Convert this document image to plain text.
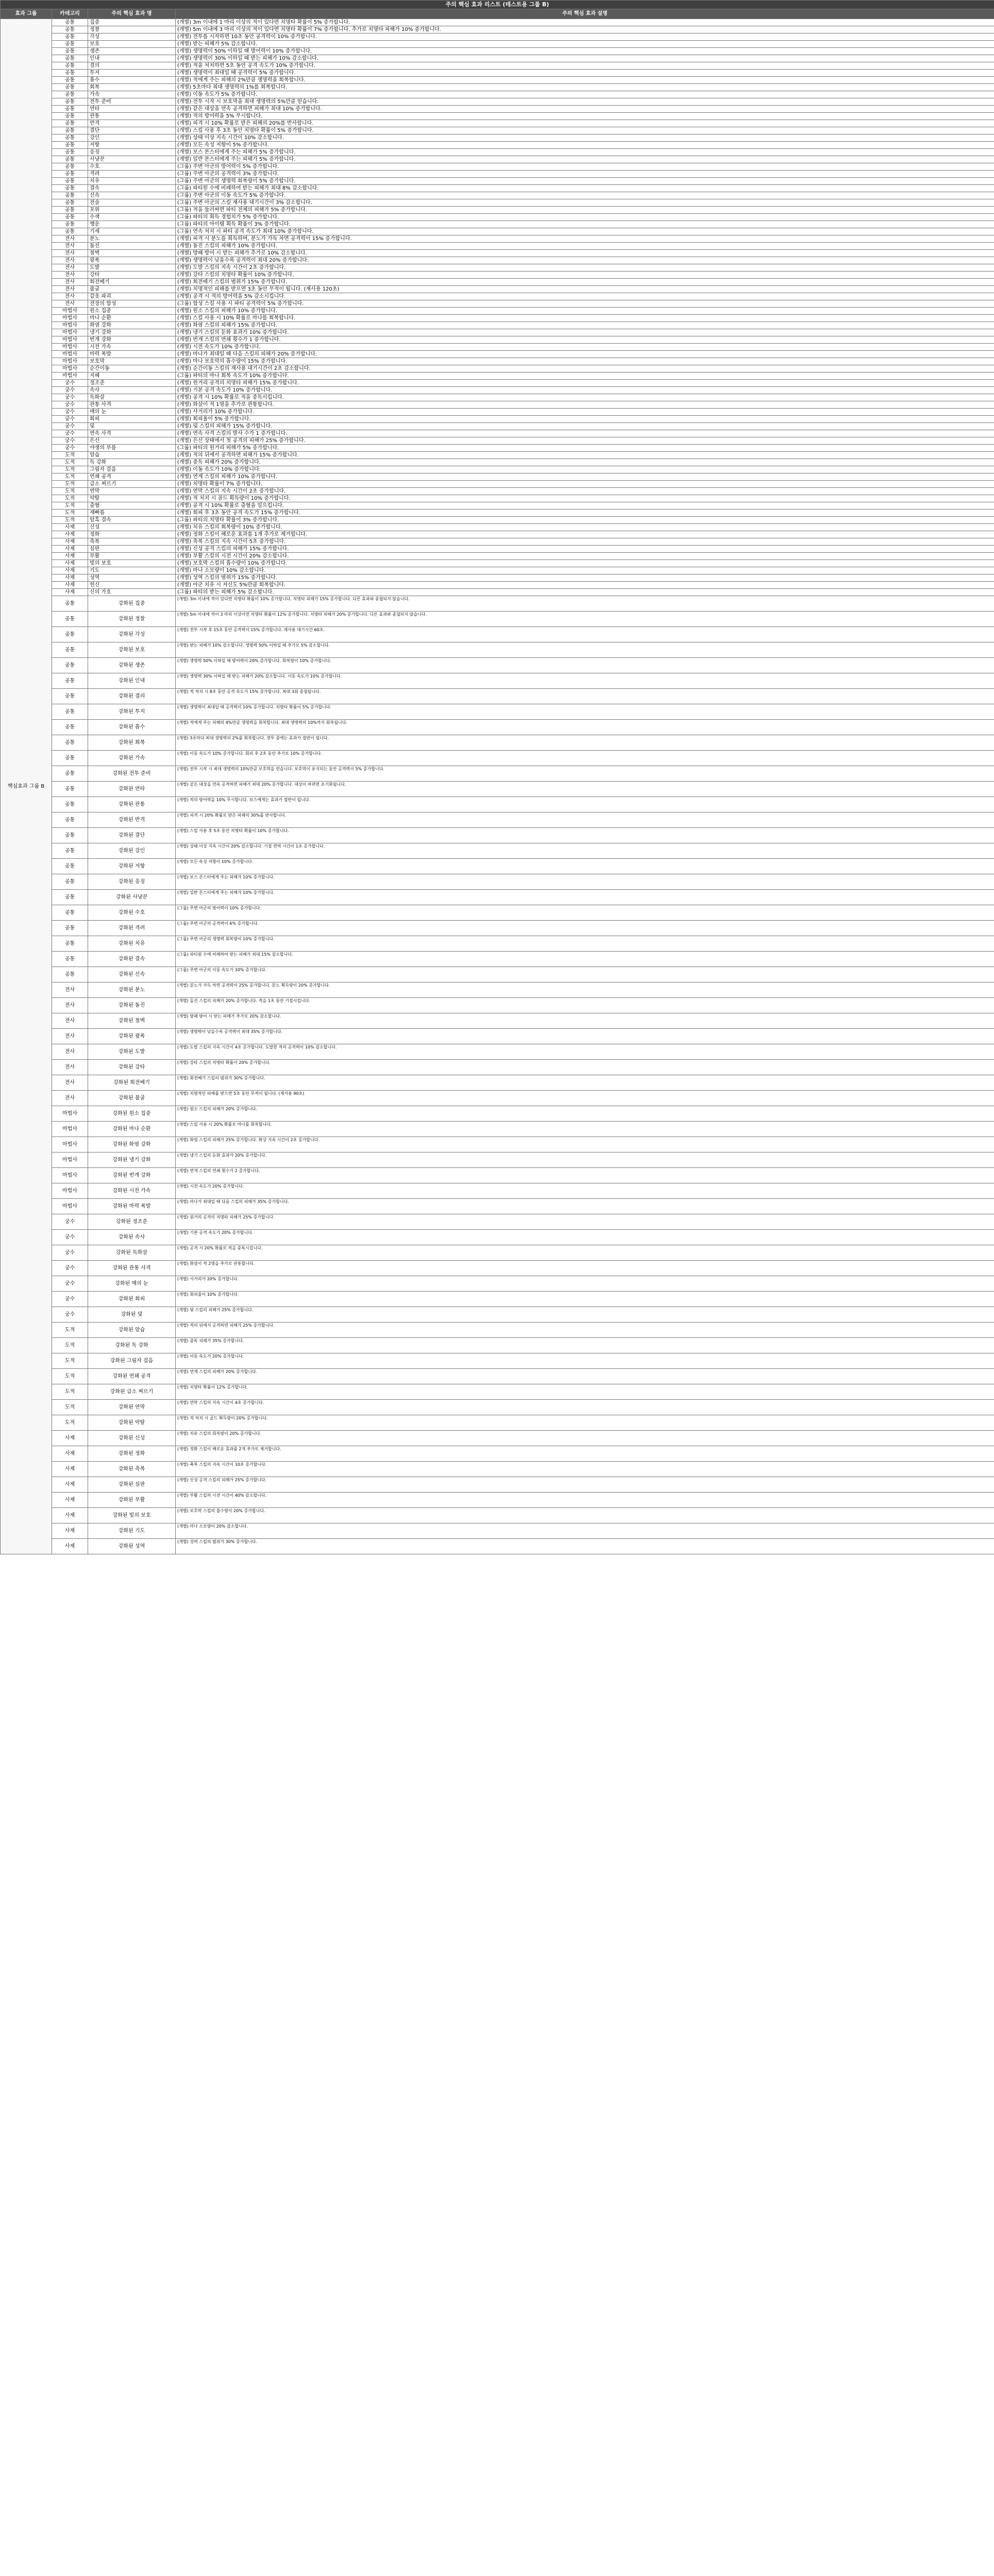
주의 핵심 효과 리스트 (테스트용 그룹 B)			
효과 그룹	카테고리	주의 핵심 효과 명	주의 핵심 효과 설명
핵심효과 그룹 B	공통	집중	(개별) 3m 이내에 1 마리 이상의 적이 있다면 치명타 확률이 5% 증가합니다.
	공통	정찰	(개별) 5m 이내에 3 마리 이상의 적이 있다면 치명타 확률이 7% 증가합니다. 추가로 치명타 피해가 10% 증가합니다.
	공통	각성	(개별) 전투를 시작하면 10초 동안 공격력이 10% 증가합니다.
	공통	보호	(개별) 받는 피해가 5% 감소합니다.
	공통	생존	(개별) 생명력이 50% 이하일 때 방어력이 10% 증가합니다.
	공통	인내	(개별) 생명력이 30% 이하일 때 받는 피해가 10% 감소합니다.
	공통	결의	(개별) 적을 처치하면 5초 동안 공격 속도가 10% 증가합니다.
	공통	투지	(개별) 생명력이 최대일 때 공격력이 5% 증가합니다.
	공통	흡수	(개별) 적에게 주는 피해의 2%만큼 생명력을 회복합니다.
	공통	회복	(개별) 5초마다 최대 생명력의 1%를 회복합니다.
	공통	가속	(개별) 이동 속도가 5% 증가합니다.
	공통	전투 준비	(개별) 전투 시작 시 보호막을 최대 생명력의 5%만큼 얻습니다.
	공통	연타	(개별) 같은 대상을 연속 공격하면 피해가 최대 10% 증가합니다.
	공통	관통	(개별) 적의 방어력을 5% 무시합니다.
	공통	반격	(개별) 피격 시 10% 확률로 받은 피해의 20%를 반사합니다.
	공통	결단	(개별) 스킬 사용 후 3초 동안 치명타 확률이 5% 증가합니다.
	공통	강인	(개별) 상태 이상 지속 시간이 10% 감소합니다.
	공통	저항	(개별) 모든 속성 저항이 5% 증가합니다.
	공통	응징	(개별) 보스 몬스터에게 주는 피해가 5% 증가합니다.
	공통	사냥꾼	(개별) 일반 몬스터에게 주는 피해가 5% 증가합니다.
	공통	수호	(그룹) 주변 아군의 방어력이 5% 증가합니다.
	공통	격려	(그룹) 주변 아군의 공격력이 3% 증가합니다.
	공통	치유	(그룹) 주변 아군의 생명력 회복량이 5% 증가합니다.
	공통	결속	(그룹) 파티원 수에 비례하여 받는 피해가 최대 8% 감소합니다.
	공통	신속	(그룹) 주변 아군의 이동 속도가 5% 증가합니다.
	공통	전술	(그룹) 주변 아군의 스킬 재사용 대기시간이 3% 감소합니다.
	공통	포위	(그룹) 적을 둘러싸면 파티 전체의 피해가 5% 증가합니다.
	공통	수색	(그룹) 파티의 획득 경험치가 5% 증가합니다.
	공통	행운	(그룹) 파티의 아이템 획득 확률이 3% 증가합니다.
	공통	기세	(그룹) 연속 처치 시 파티 공격 속도가 최대 10% 증가합니다.
	전사	분노	(개별) 피격 시 분노를 획득하며, 분노가 가득 차면 공격력이 15% 증가합니다.
	전사	돌진	(개별) 돌진 스킬의 피해가 10% 증가합니다.
	전사	철벽	(개별) 방패 방어 시 받는 피해가 추가로 10% 감소합니다.
	전사	광폭	(개별) 생명력이 낮을수록 공격력이 최대 20% 증가합니다.
	전사	도발	(개별) 도발 스킬의 지속 시간이 2초 증가합니다.
	전사	강타	(개별) 강타 스킬의 치명타 확률이 10% 증가합니다.
	전사	회전베기	(개별) 회전베기 스킬의 범위가 15% 증가합니다.
	전사	불굴	(개별) 치명적인 피해를 받으면 3초 동안 무적이 됩니다. (재사용 120초)
	전사	갑옷 파괴	(개별) 공격 시 적의 방어력을 5% 감소시킵니다.
	전사	전장의 함성	(그룹) 함성 스킬 사용 시 파티 공격력이 5% 증가합니다.
	마법사	원소 집중	(개별) 원소 스킬의 피해가 10% 증가합니다.
	마법사	마나 순환	(개별) 스킬 사용 시 10% 확률로 마나를 회복합니다.
	마법사	화염 강화	(개별) 화염 스킬의 피해가 15% 증가합니다.
	마법사	냉기 강화	(개별) 냉기 스킬의 둔화 효과가 10% 증가합니다.
	마법사	번개 강화	(개별) 번개 스킬의 연쇄 횟수가 1 증가합니다.
	마법사	시전 가속	(개별) 시전 속도가 10% 증가합니다.
	마법사	마력 폭발	(개별) 마나가 최대일 때 다음 스킬의 피해가 20% 증가합니다.
	마법사	보호막	(개별) 마나 보호막의 흡수량이 15% 증가합니다.
	마법사	순간이동	(개별) 순간이동 스킬의 재사용 대기시간이 2초 감소합니다.
	마법사	지혜	(그룹) 파티의 마나 회복 속도가 10% 증가합니다.
	궁수	정조준	(개별) 원거리 공격의 치명타 피해가 15% 증가합니다.
	궁수	속사	(개별) 기본 공격 속도가 10% 증가합니다.
	궁수	독화살	(개별) 공격 시 10% 확률로 적을 중독시킵니다.
	궁수	관통 사격	(개별) 화살이 적 1명을 추가로 관통합니다.
	궁수	매의 눈	(개별) 사거리가 10% 증가합니다.
	궁수	회피	(개별) 회피율이 5% 증가합니다.
	궁수	덫	(개별) 덫 스킬의 피해가 15% 증가합니다.
	궁수	연속 사격	(개별) 연속 사격 스킬의 발사 수가 1 증가합니다.
	궁수	은신	(개별) 은신 상태에서 첫 공격의 피해가 25% 증가합니다.
	궁수	야생의 부름	(그룹) 파티의 원거리 피해가 5% 증가합니다.
	도적	암습	(개별) 적의 뒤에서 공격하면 피해가 15% 증가합니다.
	도적	독 강화	(개별) 중독 피해가 20% 증가합니다.
	도적	그림자 걸음	(개별) 이동 속도가 10% 증가합니다.
	도적	연쇄 공격	(개별) 연계 스킬의 피해가 10% 증가합니다.
	도적	급소 찌르기	(개별) 치명타 확률이 7% 증가합니다.
	도적	연막	(개별) 연막 스킬의 지속 시간이 2초 증가합니다.
	도적	약탈	(개별) 적 처치 시 골드 획득량이 10% 증가합니다.
	도적	출혈	(개별) 공격 시 10% 확률로 출혈을 일으킵니다.
	도적	재빠름	(개별) 회피 후 3초 동안 공격 속도가 15% 증가합니다.
	도적	암흑 결속	(그룹) 파티의 치명타 확률이 3% 증가합니다.
	사제	신성	(개별) 치유 스킬의 회복량이 10% 증가합니다.
	사제	정화	(개별) 정화 스킬이 해로운 효과를 1개 추가로 제거합니다.
	사제	축복	(개별) 축복 스킬의 지속 시간이 5초 증가합니다.
	사제	심판	(개별) 신성 공격 스킬의 피해가 15% 증가합니다.
	사제	부활	(개별) 부활 스킬의 시전 시간이 20% 감소합니다.
	사제	빛의 보호	(개별) 보호막 스킬의 흡수량이 10% 증가합니다.
	사제	기도	(개별) 마나 소모량이 10% 감소합니다.
	사제	성역	(개별) 성역 스킬의 범위가 15% 증가합니다.
	사제	헌신	(개별) 아군 치유 시 자신도 5%만큼 회복합니다.
	사제	신의 가호	(그룹) 파티의 받는 피해가 5% 감소합니다.
	공통	강화된 집중	(개별) 3m 이내에 적이 있다면 치명타 확률이 10% 증가합니다. 치명타 피해가 15% 증가합니다. 다른 효과와 중첩되지 않습니다.
	공통	강화된 정찰	(개별) 5m 이내에 적이 3 마리 이상이면 치명타 확률이 12% 증가합니다. 치명타 피해가 20% 증가합니다. 다른 효과와 중첩되지 않습니다.
	공통	강화된 각성	(개별) 전투 시작 후 15초 동안 공격력이 15% 증가합니다. 재사용 대기시간 60초.
	공통	강화된 보호	(개별) 받는 피해가 10% 감소합니다. 생명력 50% 이하일 때 추가로 5% 감소합니다.
	공통	강화된 생존	(개별) 생명력 50% 이하일 때 방어력이 20% 증가합니다. 회복량이 10% 증가합니다.
	공통	강화된 인내	(개별) 생명력 30% 이하일 때 받는 피해가 20% 감소합니다. 이동 속도가 10% 증가합니다.
	공통	강화된 결의	(개별) 적 처치 시 8초 동안 공격 속도가 15% 증가합니다. 최대 3회 중첩됩니다.
	공통	강화된 투지	(개별) 생명력이 최대일 때 공격력이 10% 증가합니다. 치명타 확률이 5% 증가합니다.
	공통	강화된 흡수	(개별) 적에게 주는 피해의 4%만큼 생명력을 회복합니다. 최대 생명력의 10%까지 회복됩니다.
	공통	강화된 회복	(개별) 3초마다 최대 생명력의 2%를 회복합니다. 전투 중에는 효과가 절반이 됩니다.
	공통	강화된 가속	(개별) 이동 속도가 10% 증가합니다. 회피 후 2초 동안 추가로 10% 증가합니다.
	공통	강화된 전투 준비	(개별) 전투 시작 시 최대 생명력의 10%만큼 보호막을 얻습니다. 보호막이 유지되는 동안 공격력이 5% 증가합니다.
	공통	강화된 연타	(개별) 같은 대상을 연속 공격하면 피해가 최대 20% 증가합니다. 대상이 바뀌면 초기화됩니다.
	공통	강화된 관통	(개별) 적의 방어력을 10% 무시합니다. 보스에게는 효과가 절반이 됩니다.
	공통	강화된 반격	(개별) 피격 시 20% 확률로 받은 피해의 30%를 반사합니다.
	공통	강화된 결단	(개별) 스킬 사용 후 5초 동안 치명타 확률이 10% 증가합니다.
	공통	강화된 강인	(개별) 상태 이상 지속 시간이 20% 감소합니다. 기절 면역 시간이 1초 증가합니다.
	공통	강화된 저항	(개별) 모든 속성 저항이 10% 증가합니다.
	공통	강화된 응징	(개별) 보스 몬스터에게 주는 피해가 10% 증가합니다.
	공통	강화된 사냥꾼	(개별) 일반 몬스터에게 주는 피해가 10% 증가합니다.
	공통	강화된 수호	(그룹) 주변 아군의 방어력이 10% 증가합니다.
	공통	강화된 격려	(그룹) 주변 아군의 공격력이 6% 증가합니다.
	공통	강화된 치유	(그룹) 주변 아군의 생명력 회복량이 10% 증가합니다.
	공통	강화된 결속	(그룹) 파티원 수에 비례하여 받는 피해가 최대 15% 감소합니다.
	공통	강화된 신속	(그룹) 주변 아군의 이동 속도가 10% 증가합니다.
	전사	강화된 분노	(개별) 분노가 가득 차면 공격력이 25% 증가합니다. 분노 획득량이 20% 증가합니다.
	전사	강화된 돌진	(개별) 돌진 스킬의 피해가 20% 증가합니다. 적을 1초 동안 기절시킵니다.
	전사	강화된 철벽	(개별) 방패 방어 시 받는 피해가 추가로 20% 감소합니다.
	전사	강화된 광폭	(개별) 생명력이 낮을수록 공격력이 최대 35% 증가합니다.
	전사	강화된 도발	(개별) 도발 스킬의 지속 시간이 4초 증가합니다. 도발한 적의 공격력이 10% 감소합니다.
	전사	강화된 강타	(개별) 강타 스킬의 치명타 확률이 20% 증가합니다.
	전사	강화된 회전베기	(개별) 회전베기 스킬의 범위가 30% 증가합니다.
	전사	강화된 불굴	(개별) 치명적인 피해를 받으면 5초 동안 무적이 됩니다. (재사용 90초)
	마법사	강화된 원소 집중	(개별) 원소 스킬의 피해가 20% 증가합니다.
	마법사	강화된 마나 순환	(개별) 스킬 사용 시 20% 확률로 마나를 회복합니다.
	마법사	강화된 화염 강화	(개별) 화염 스킬의 피해가 25% 증가합니다. 화상 지속 시간이 2초 증가합니다.
	마법사	강화된 냉기 강화	(개별) 냉기 스킬의 둔화 효과가 20% 증가합니다.
	마법사	강화된 번개 강화	(개별) 번개 스킬의 연쇄 횟수가 2 증가합니다.
	마법사	강화된 시전 가속	(개별) 시전 속도가 20% 증가합니다.
	마법사	강화된 마력 폭발	(개별) 마나가 최대일 때 다음 스킬의 피해가 35% 증가합니다.
	궁수	강화된 정조준	(개별) 원거리 공격의 치명타 피해가 25% 증가합니다.
	궁수	강화된 속사	(개별) 기본 공격 속도가 20% 증가합니다.
	궁수	강화된 독화살	(개별) 공격 시 20% 확률로 적을 중독시킵니다.
	궁수	강화된 관통 사격	(개별) 화살이 적 2명을 추가로 관통합니다.
	궁수	강화된 매의 눈	(개별) 사거리가 20% 증가합니다.
	궁수	강화된 회피	(개별) 회피율이 10% 증가합니다.
	궁수	강화된 덫	(개별) 덫 스킬의 피해가 25% 증가합니다.
	도적	강화된 암습	(개별) 적의 뒤에서 공격하면 피해가 25% 증가합니다.
	도적	강화된 독 강화	(개별) 중독 피해가 35% 증가합니다.
	도적	강화된 그림자 걸음	(개별) 이동 속도가 20% 증가합니다.
	도적	강화된 연쇄 공격	(개별) 연계 스킬의 피해가 20% 증가합니다.
	도적	강화된 급소 찌르기	(개별) 치명타 확률이 12% 증가합니다.
	도적	강화된 연막	(개별) 연막 스킬의 지속 시간이 4초 증가합니다.
	도적	강화된 약탈	(개별) 적 처치 시 골드 획득량이 20% 증가합니다.
	사제	강화된 신성	(개별) 치유 스킬의 회복량이 20% 증가합니다.
	사제	강화된 정화	(개별) 정화 스킬이 해로운 효과를 2개 추가로 제거합니다.
	사제	강화된 축복	(개별) 축복 스킬의 지속 시간이 10초 증가합니다.
	사제	강화된 심판	(개별) 신성 공격 스킬의 피해가 25% 증가합니다.
	사제	강화된 부활	(개별) 부활 스킬의 시전 시간이 40% 감소합니다.
	사제	강화된 빛의 보호	(개별) 보호막 스킬의 흡수량이 20% 증가합니다.
	사제	강화된 기도	(개별) 마나 소모량이 20% 감소합니다.
	사제	강화된 성역	(개별) 성역 스킬의 범위가 30% 증가합니다.
